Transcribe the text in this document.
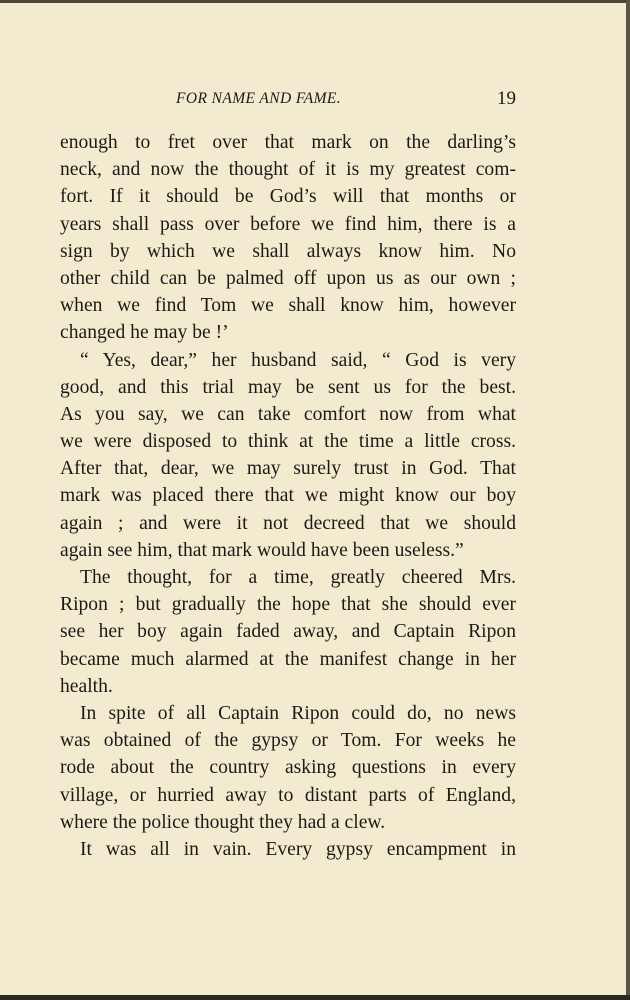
FOR NAME AND FAME.	19
enough to fret over that mark on the darling’s
neck, and now the thought of it is my greatest com-
fort. If it should be God’s will that months or
years shall pass over before we find him, there is a
sign by which we shall always know him. No
other child can be palmed off upon us as our own ;
when we find Tom we shall know him, however
changed he may be !’
“ Yes, dear,” her husband said, “ God is very
good, and this trial may be sent us for the best.
As you say, we can take comfort now from what
we were disposed to think at the time a little cross.
After that, dear, we may surely trust in God. That
mark was placed there that we might know our boy
again ; and were it not decreed that we should
again see him, that mark would have been useless.”
The thought, for a time, greatly cheered Mrs.
Ripon ; but gradually the hope that she should ever
see her boy again faded away, and Captain Ripon
became much alarmed at the manifest change in her
health.
In spite of all Captain Ripon could do, no news
was obtained of the gypsy or Tom. For weeks he
rode about the country asking questions in every
village, or hurried away to distant parts of England,
where the police thought they had a clew.
It was all in vain. Every gypsy encampment in
